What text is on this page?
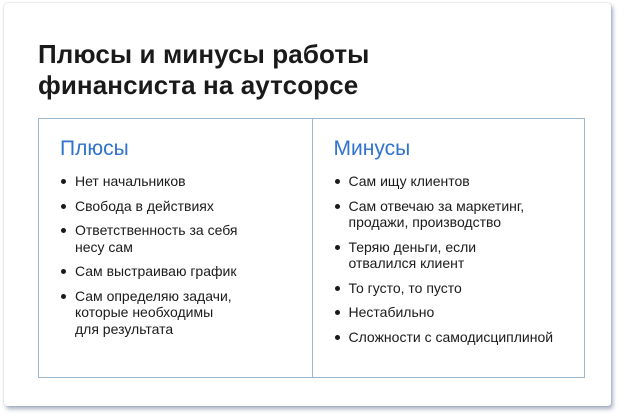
Плюсы и минусы работы
финансиста на аутсорсе
Плюсы
Нет начальников
Свобода в действиях
Ответственность за себя
несу сам
Сам выстраиваю график
Сам определяю задачи,
которые необходимы
для результата
Минусы
Сам ищу клиентов
Сам отвечаю за маркетинг,
продажи, производство
Теряю деньги, если
отвалился клиент
То густо, то пусто
Нестабильно
Сложности с самодисциплиной
